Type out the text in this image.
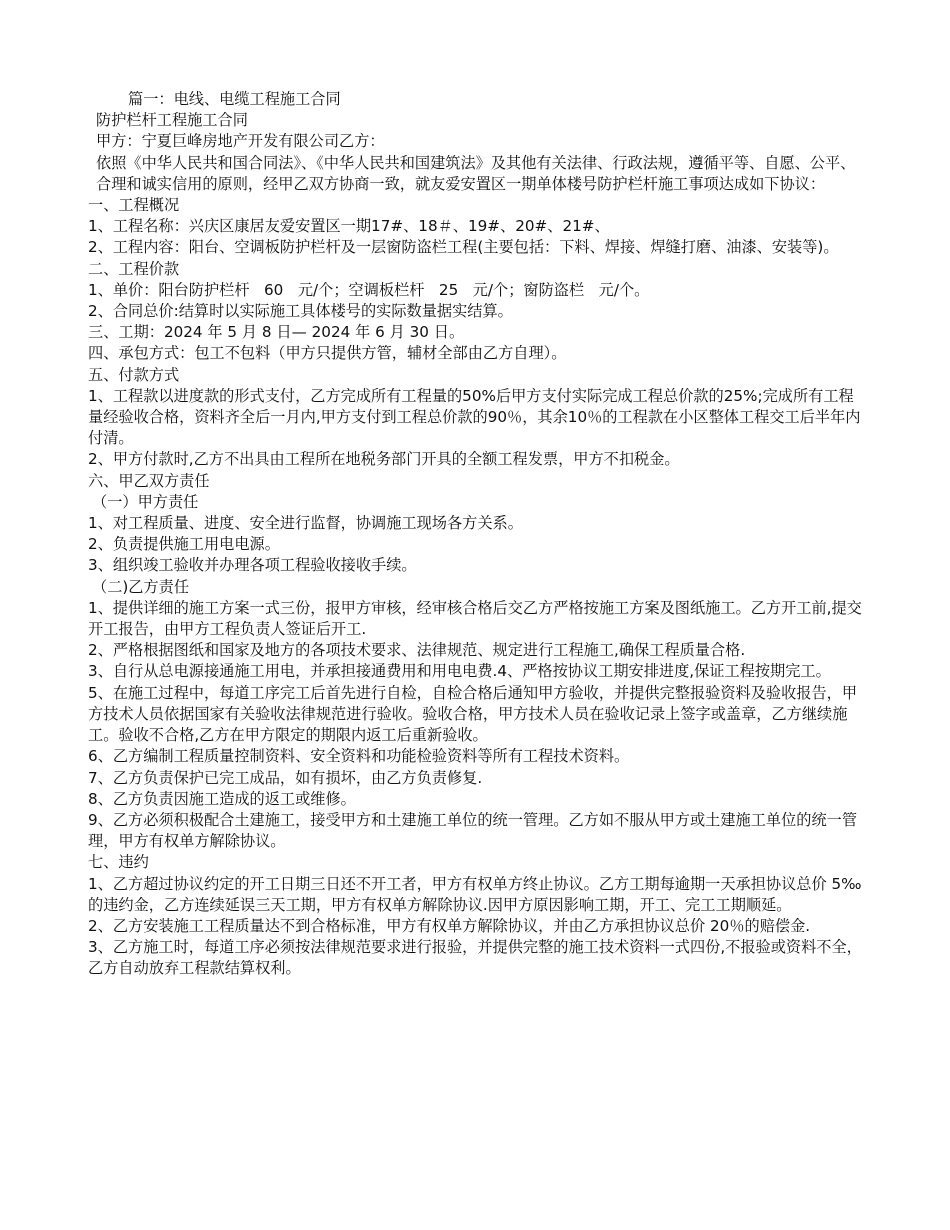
篇一：电线、电缆工程施工合同
防护栏杆工程施工合同
甲方：宁夏巨峰房地产开发有限公司乙方：
依照《中华人民共和国合同法》、《中华人民共和国建筑法》及其他有关法律、行政法规，遵循平等、自愿、公平、合理和诚实信用的原则，经甲乙双方协商一致，就友爱安置区一期单体楼号防护栏杆施工事项达成如下协议：
一、工程概况
1、工程名称：兴庆区康居友爱安置区一期17#、18＃、19#、20#、21#、
2、工程内容：阳台、空调板防护栏杆及一层窗防盗栏工程(主要包括：下料、焊接、焊缝打磨、油漆、安装等)。
二、工程价款
1、单价：阳台防护栏杆   60   元/个；空调板栏杆   25   元/个；窗防盗栏   元/个。
2、合同总价:结算时以实际施工具体楼号的实际数量据实结算。
三、工期：2024 年 5 月 8 日— 2024 年 6 月 30 日。
四、承包方式：包工不包料（甲方只提供方管，辅材全部由乙方自理）。
五、付款方式
1、工程款以进度款的形式支付，乙方完成所有工程量的50%后甲方支付实际完成工程总价款的25%;完成所有工程量经验收合格，资料齐全后一月内,甲方支付到工程总价款的90％，其余10％的工程款在小区整体工程交工后半年内付清。
2、甲方付款时,乙方不出具由工程所在地税务部门开具的全额工程发票，甲方不扣税金。
六、甲乙双方责任
（一）甲方责任
1、对工程质量、进度、安全进行监督，协调施工现场各方关系。
2、负责提供施工用电电源。
3、组织竣工验收并办理各项工程验收接收手续。
（二)乙方责任
1、提供详细的施工方案一式三份，报甲方审核，经审核合格后交乙方严格按施工方案及图纸施工。乙方开工前,提交开工报告，由甲方工程负责人签证后开工.
2、严格根据图纸和国家及地方的各项技术要求、法律规范、规定进行工程施工,确保工程质量合格.
3、自行从总电源接通施工用电，并承担接通费用和用电电费.4、严格按协议工期安排进度,保证工程按期完工。
5、在施工过程中，每道工序完工后首先进行自检，自检合格后通知甲方验收，并提供完整报验资料及验收报告，甲方技术人员依据国家有关验收法律规范进行验收。验收合格，甲方技术人员在验收记录上签字或盖章，乙方继续施工。验收不合格,乙方在甲方限定的期限内返工后重新验收。
6、乙方编制工程质量控制资料、安全资料和功能检验资料等所有工程技术资料。
7、乙方负责保护已完工成品，如有损坏，由乙方负责修复.
8、乙方负责因施工造成的返工或维修。
9、乙方必须积极配合土建施工，接受甲方和土建施工单位的统一管理。乙方如不服从甲方或土建施工单位的统一管理，甲方有权单方解除协议。
七、违约
1、乙方超过协议约定的开工日期三日还不开工者，甲方有权单方终止协议。乙方工期每逾期一天承担协议总价 5‰的违约金，乙方连续延误三天工期，甲方有权单方解除协议.因甲方原因影响工期，开工、完工工期顺延。
2、乙方安装施工工程质量达不到合格标准，甲方有权单方解除协议，并由乙方承担协议总价 20％的赔偿金.
3、乙方施工时，每道工序必须按法律规范要求进行报验，并提供完整的施工技术资料一式四份,不报验或资料不全，乙方自动放弃工程款结算权利。
